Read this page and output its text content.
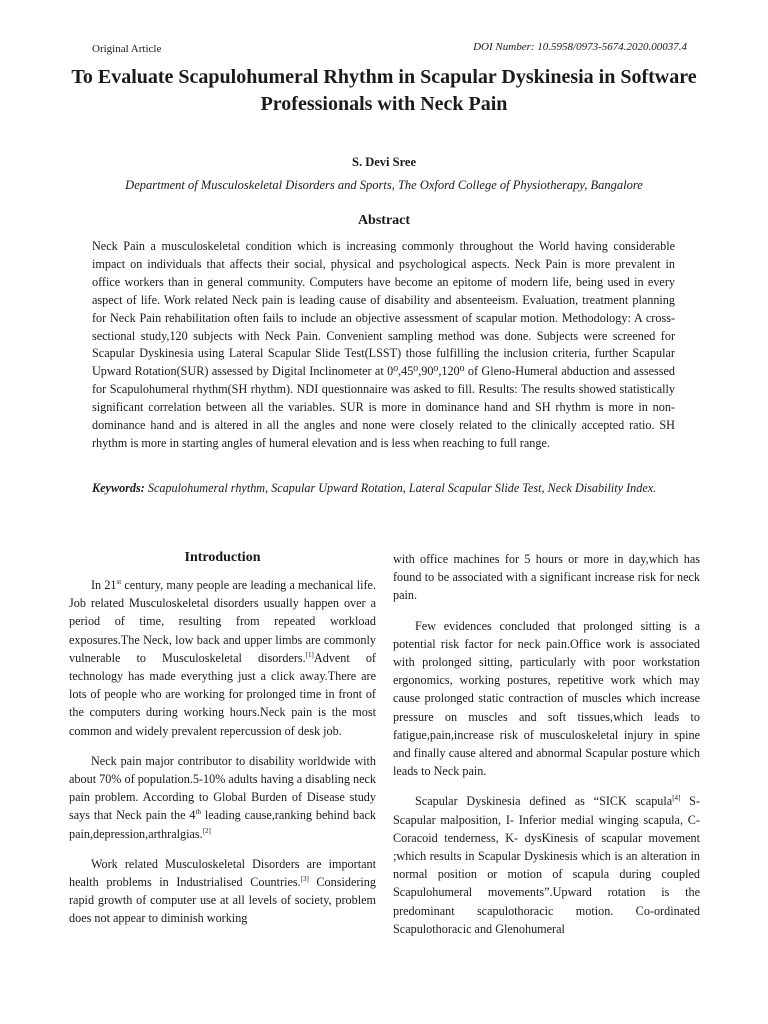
Original Article	DOI Number: 10.5958/0973-5674.2020.00037.4
To Evaluate Scapulohumeral Rhythm in Scapular Dyskinesia in Software Professionals with Neck Pain
S. Devi Sree
Department of Musculoskeletal Disorders and Sports, The Oxford College of Physiotherapy, Bangalore
Abstract

Neck Pain a musculoskeletal condition which is increasing commonly throughout the World having considerable impact on individuals that affects their social, physical and psychological aspects. Neck Pain is more prevalent in office workers than in general community. Computers have become an epitome of modern life, being used in every aspect of life. Work related Neck pain is leading cause of disability and absenteeism. Evaluation, treatment planning for Neck Pain rehabilitation often fails to include an objective assessment of scapular motion. Methodology: A cross-sectional study,120 subjects with Neck Pain. Convenient sampling method was done. Subjects were screened for Scapular Dyskinesia using Lateral Scapular Slide Test(LSST) those fulfilling the inclusion criteria, further Scapular Upward Rotation(SUR) assessed by Digital Inclinometer at 0⁰,45⁰,90⁰,120⁰ of Gleno-Humeral abduction and assessed for Scapulohumeral rhythm(SH rhythm). NDI questionnaire was asked to fill. Results: The results showed statistically significant correlation between all the variables. SUR is more in dominance hand and SH rhythm is more in non-dominance hand and is altered in all the angles and none were closely related to the clinically accepted ratio. SH rhythm is more in starting angles of humeral elevation and is less when reaching to full range.

Keywords: Scapulohumeral rhythm, Scapular Upward Rotation, Lateral Scapular Slide Test, Neck Disability Index.

Introduction

In 21st century, many people are leading a mechanical life. Job related Musculoskeletal disorders usually happen over a period of time, resulting from repeated workload exposures.The Neck, low back and upper limbs are commonly vulnerable to Musculoskeletal disorders.[1]Advent of technology has made everything just a click away.There are lots of people who are working for prolonged time in front of the computers during working hours.Neck pain is the most common and widely prevalent repercussion of desk job.

Neck pain major contributor to disability worldwide with about 70% of population.5-10% adults having a disabling neck pain problem. According to Global Burden of Disease study says that Neck pain the 4th leading cause,ranking behind back pain,depression,arthralgias.[2]

Work related Musculoskeletal Disorders are important health problems in Industrialised Countries.[3] Considering rapid growth of computer use at all levels of society, problem does not appear to diminish working

with office machines for 5 hours or more in day,which has found to be associated with a significant increase risk for neck pain.

Few evidences concluded that prolonged sitting is a potential risk factor for neck pain.Office work is associated with prolonged sitting, particularly with poor workstation ergonomics, working postures, repetitive work which may cause prolonged static contraction of muscles which increase pressure on muscles and soft tissues,which leads to fatigue,pain,increase risk of musculoskeletal injury in spine and finally cause altered and abnormal Scapular posture which leads to Neck pain.

Scapular Dyskinesia defined as “SICK scapula[4] S- Scapular malposition, I- Inferior medial winging scapula, C- Coracoid tenderness, K- dysKinesis of scapular movement ;which results in Scapular Dyskinesis which is an alteration in normal position or motion of scapula during coupled Scapulohumeral movements”.Upward rotation is the predominant scapulothoracic motion. Co-ordinated Scapulothoracic and Glenohumeral
